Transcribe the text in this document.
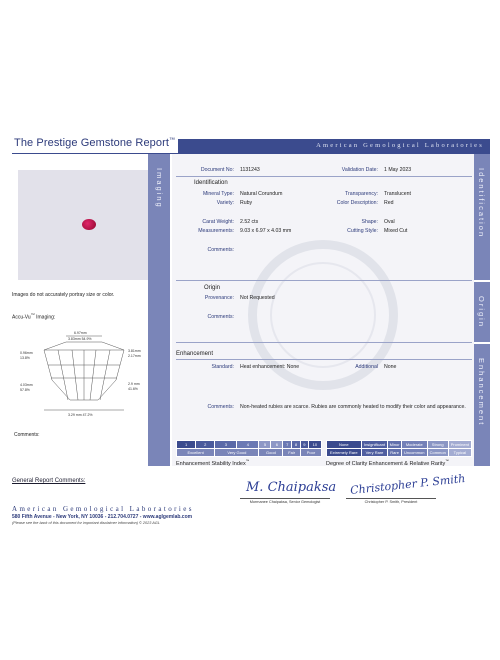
The Prestige Gemstone Report™
American Gemological Laboratories
Imaging
Images do not accurately portray size or color.
Accu-Vu™ Imaging:
6.97mm
3.83mm 54.9%
0.96mm
13.8%
4.03mm
57.8%
3.81mm
2.17mm
2.9 mm
41.6%
3.29 mm 47.2%
Comments:
Identification
Origin
Enhancement
Document No: 1131243	Validation Date: 1 May 2023
Identification
Mineral Type: Natural Corundum	Transparency: Translucent
Variety: Ruby	Color Description: Red
Carat Weight: 2.52 cts	Shape: Oval
Measurements: 9.03 x 6.97 x 4.03 mm	Cutting Style: Mixed Cut
Comments:
Origin
Provenance: Not Requested
Comments:
Enhancement
Standard: Heat enhancement: None	Additional None
Comments: Non-heated rubies are scarce. Rubies are commonly heated to modify their color and appearance.
1	2	3	4	5	6	7	8	9	10
Excellent		Very Good		Good		Fair		Poor	
Enhancement Stability Index™
None	Insignificant	Minor	Moderate	Strong	Prominent
Extremely Rare	Very Rare	Rare	Uncommon	Common	Typical
Degree of Clarity Enhancement & Relative Rarity™
M. Chaipaksa
Mormanee Chaipaksa, Senior Gemologist
Christopher P. Smith
Christopher P. Smith, President
General Report Comments:
American Gemological Laboratories
580 Fifth Avenue - New York, NY 10036 - 212.704.0727 - www.aglgemlab.com
(Please see the back of this document for important disclaimer information) © 2023 AGL
